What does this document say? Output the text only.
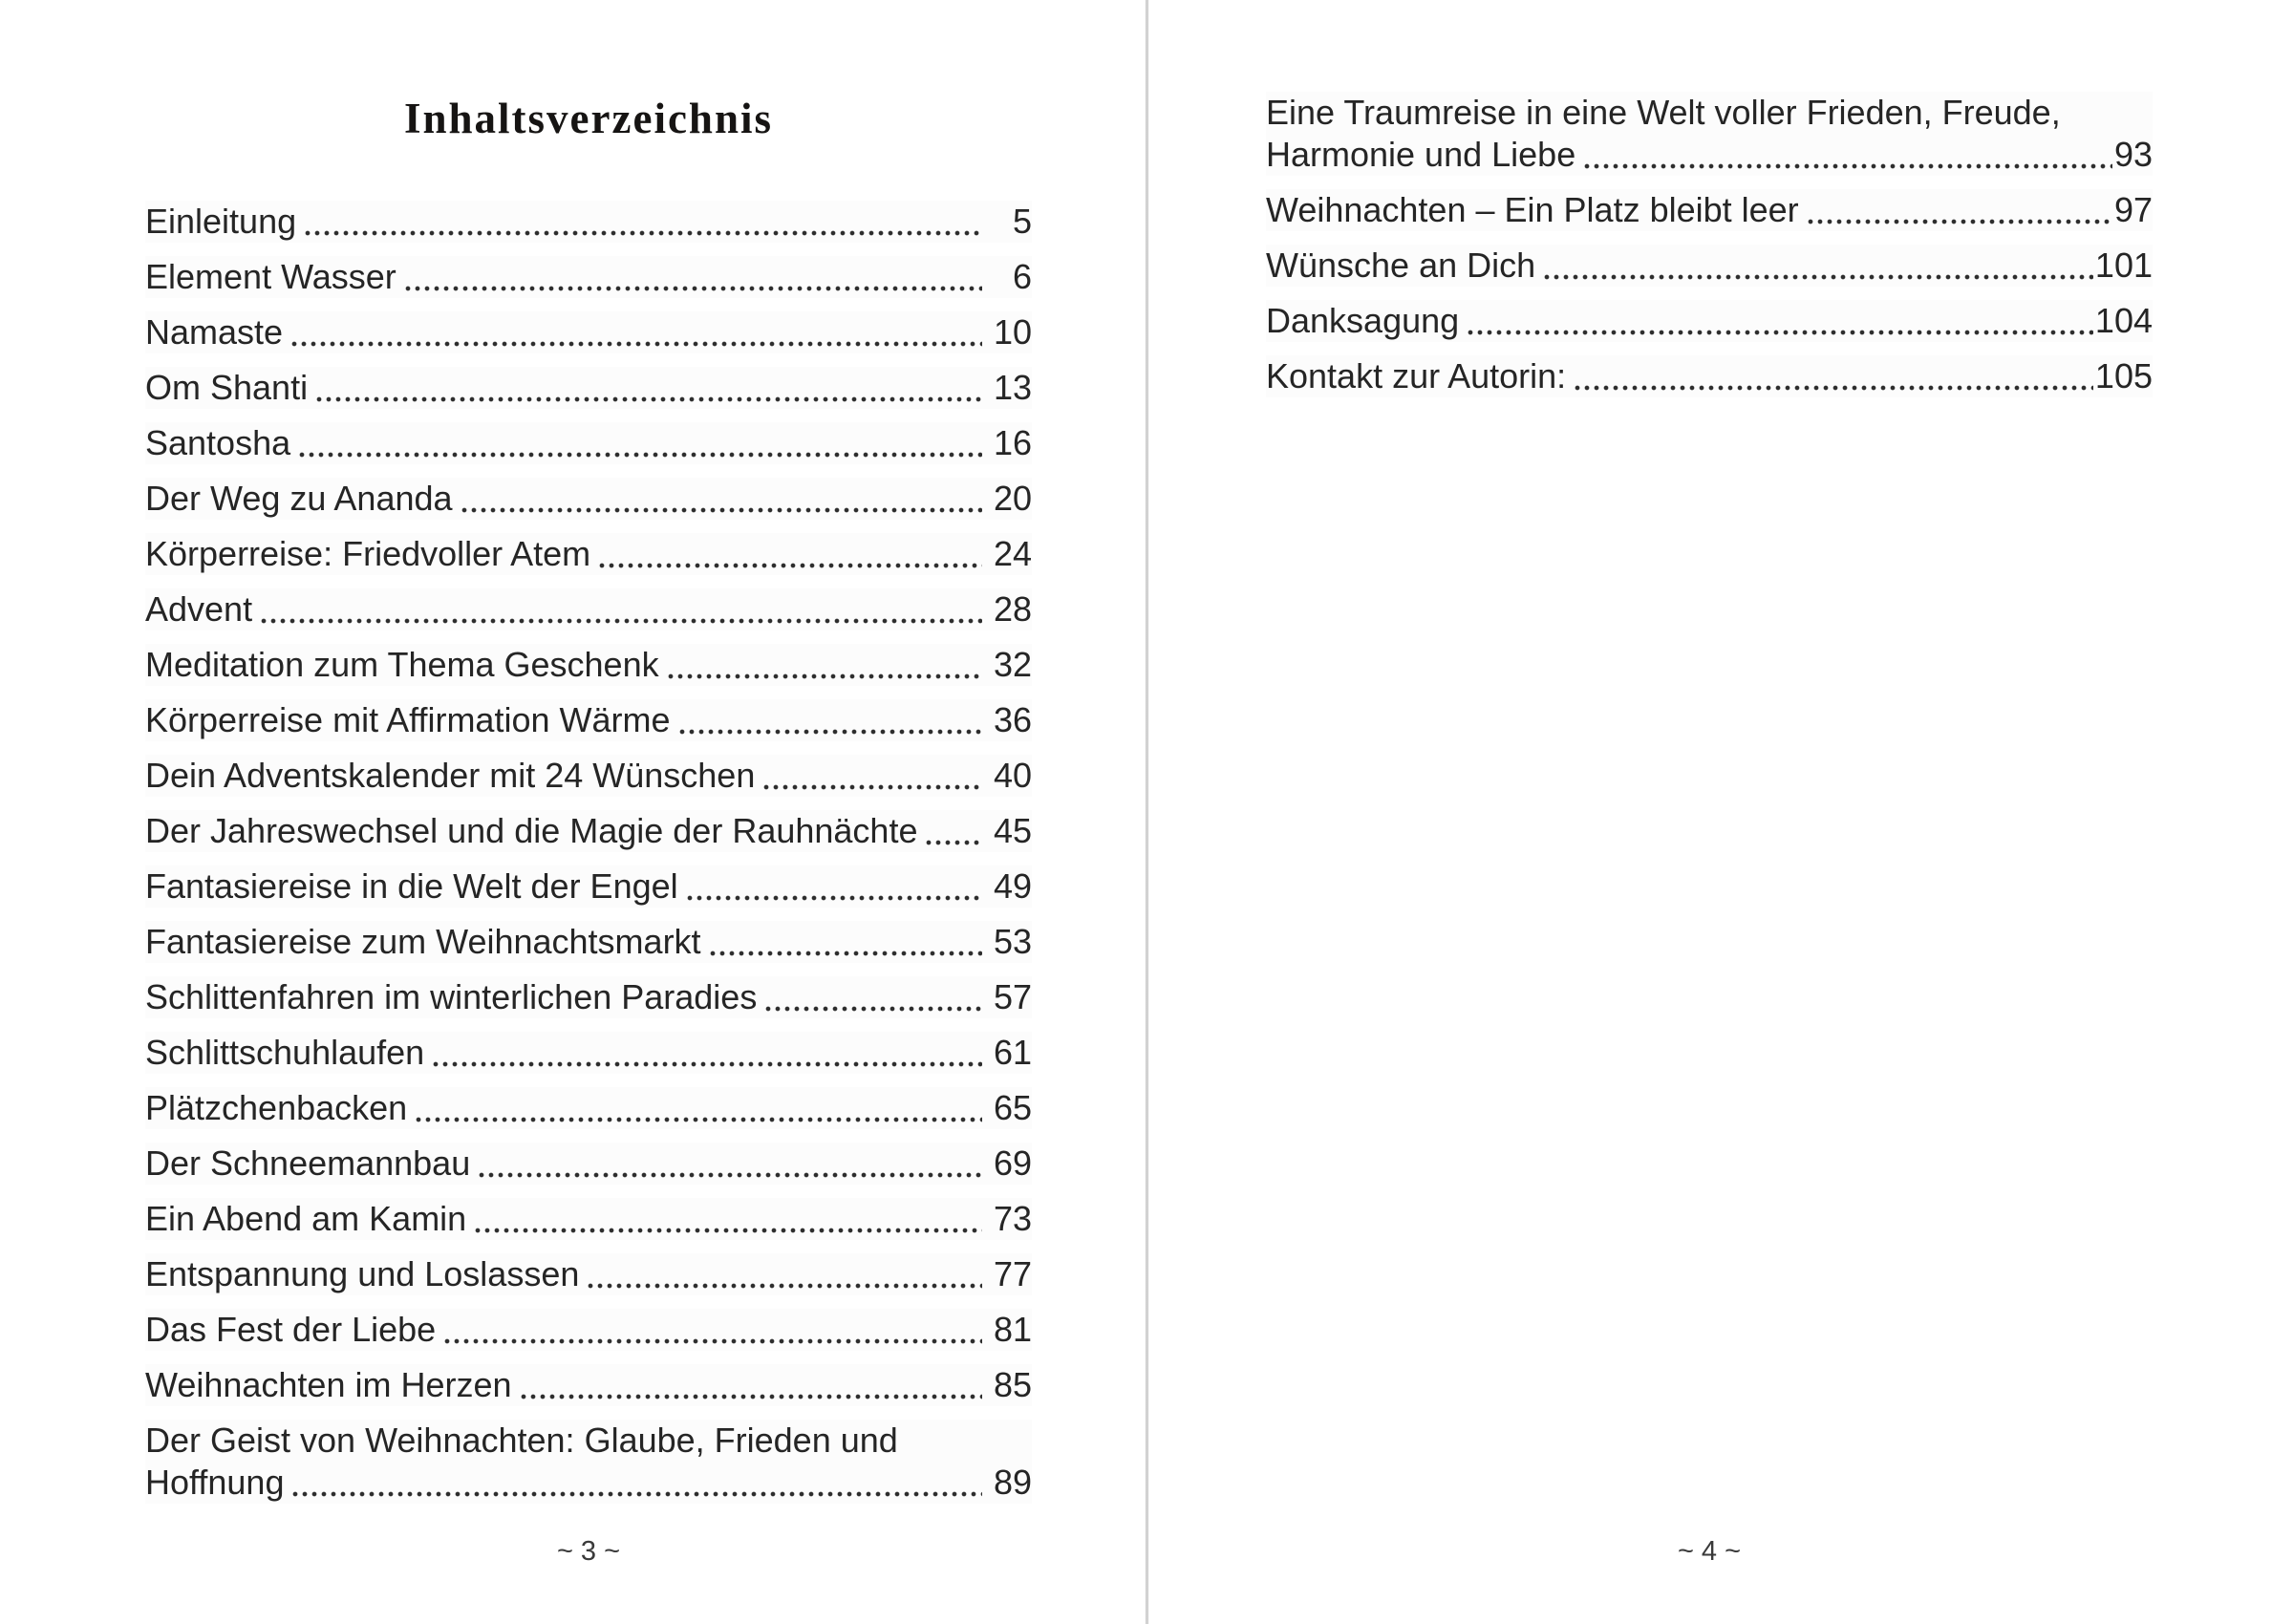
Inhaltsverzeichnis
Einleitung	5
Element Wasser	6
Namaste	10
Om Shanti	13
Santosha	16
Der Weg zu Ananda	20
Körperreise: Friedvoller Atem	24
Advent	28
Meditation zum Thema Geschenk	32
Körperreise mit Affirmation Wärme	36
Dein Adventskalender mit 24 Wünschen	40
Der Jahreswechsel und die Magie der Rauhnächte	45
Fantasiereise in die Welt der Engel	49
Fantasiereise zum Weihnachtsmarkt	53
Schlittenfahren im winterlichen Paradies	57
Schlittschuhlaufen	61
Plätzchenbacken	65
Der Schneemannbau	69
Ein Abend am Kamin	73
Entspannung und Loslassen	77
Das Fest der Liebe	81
Weihnachten im Herzen	85
Der Geist von Weihnachten: Glaube, Frieden und
Hoffnung	89
~ 3 ~
Eine Traumreise in eine Welt voller Frieden, Freude,
Harmonie und Liebe	93
Weihnachten – Ein Platz bleibt leer	97
Wünsche an Dich	101
Danksagung	104
Kontakt zur Autorin:	105
~ 4 ~
